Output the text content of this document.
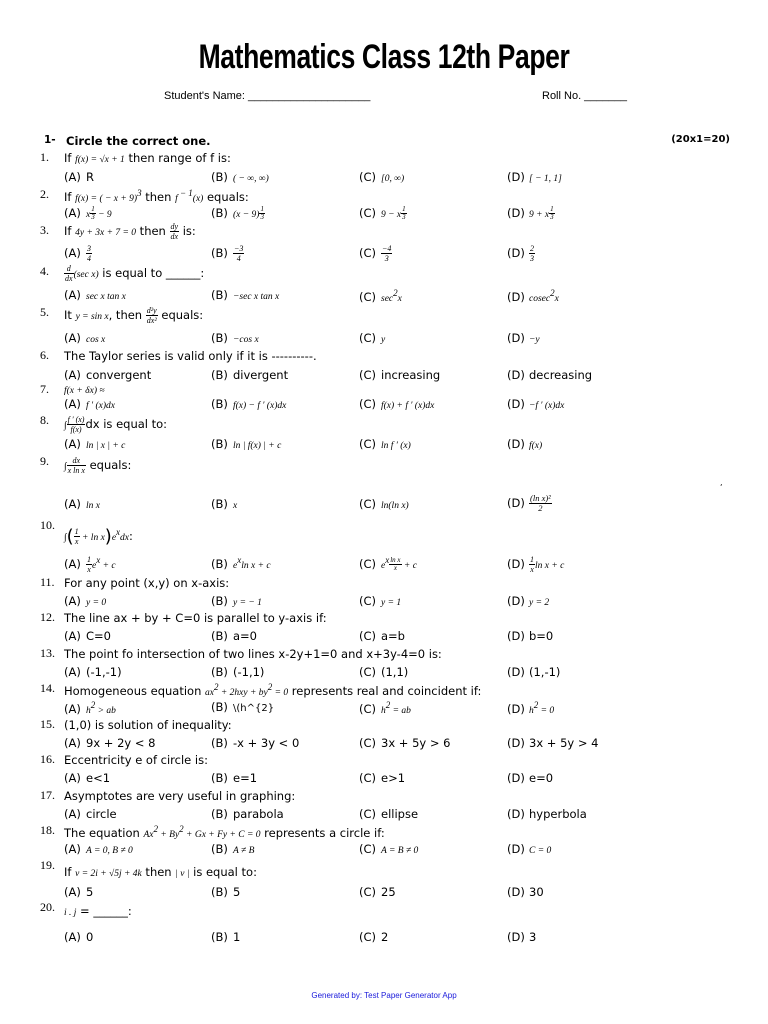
Mathematics Class 12th Paper
Student's Name: ____________________	Roll No. _______
1- Circle the correct one.	(20x1=20)
1. If f(x) = √x + 1 then range of f is:
(A) R	(B) ( − ∞, ∞)	(C) [0, ∞)	(D) [ − 1, 1]
2. If f(x) = ( − x + 9)$^3$ then f $^{- 1}$(x) equals:
(A) x $\frac{1}{3} - 9$	(B) $(x - 9) \frac{1}{3}$	(C) 9 − x $\frac{1}{3}$	(D) 9 + x $\frac{1}{3}$
3. If 4y + 3x + 7 = 0 then $\frac{dy}{dx}$ is:
$(A) \frac{3}{4}$	$(B) \frac{-3}{4}$	$(C) \frac{-4}{3}$	$(D) \frac{2}{3}$
4. $\frac{d}{dx} (\sec$ x) is equal to ______:
(A) sec x tan x	(B) −sec x tan x	(C) $\sec^2x$	(D) cosec$^2$x
5. It y = sin x, then $\frac{\text{d²y}}{\text{dx²}}$ equals:
(A) cos x	(B) −cos x	(C) y	(D) −y
6. The Taylor series is valid only if it is ----------.
(A) convergent	(B) divergent	(C) increasing	(D) decreasing
7. f(x + δx) ≈
(A) f ′ (x)dx	(B) f(x) − f ′ (x)dx	(C) f(x) + f ′ (x)dx	(D) −f ′ (x)dx
8. ∫ $\frac{f ' (x)}{f(x)}$ dx is equal to:
(A) ln | x | + c	(B) ln | f(x) | + c	(C) ln f ′ (x)	(D) f(x)
9. ∫ $\frac{dx}{\text{x ln x}}$ equals:
,
(A) ln x	(B) x	(C) ln(ln x)	$(D) \frac{\text{(ln x)²}}{2}$
10.
∫( $\frac{1}{x} + \ln x)e^xdx$:
$(A) \frac{1}{x} e^x + c$	(B) $e^x\ln$ x + c	(C) $e^x \frac{\text{ln x}}{x} + c$	$(D) \frac{1}{x}$ ln x + c
11. For any point (x,y) on x-axis:
(A) y = 0	(B) y = − 1	(C) y = 1	(D) y = 2
12. The line ax + by + C=0 is parallel to y-axis if:
(A) C=0	(B) a=0	(C) a=b	(D) b=0
13. The point fo intersection of two lines x-2y+1=0 and x+3y-4=0 is:
(A) (-1,-1)	(B) (-1,1)	(C) (1,1)	(D) (1,-1)
14. Homogeneous equation $ax^2 + 2hxy + by^2 = 0$ represents real and coincident if:
(A) $h^2$ > ab	(B) \(h^{2}	(C) $h^2$ = ab	(D) $h^2 = 0$
15. (1,0) is solution of inequality:
(A) 9x + 2y < 8	(B) -x + 3y < 0	(C) 3x + 5y > 6	(D) 3x + 5y > 4
16. Eccentricity e of circle is:
(A) e<1	(B) e=1	(C) e>1	(D) e=0
17. Asymptotes are very useful in graphing:
(A) circle	(B) parabola	(C) ellipse	(D) hyperbola
18. The equation $Ax^2 + By^2 + Gx + Fy + C = 0$ represents a circle if:
(A) A = 0, B ≠ 0	(B) A ≠ B	(C) A = B ≠ 0	(D) C = 0
19. If v = 2i + √5j + 4k then | v | is equal to:
(A) 5	(B) 5	(C) 25	(D) 30
20. i . j = ______:
(A) 0	(B) 1	(C) 2	(D) 3
Generated by: Test Paper Generator App
